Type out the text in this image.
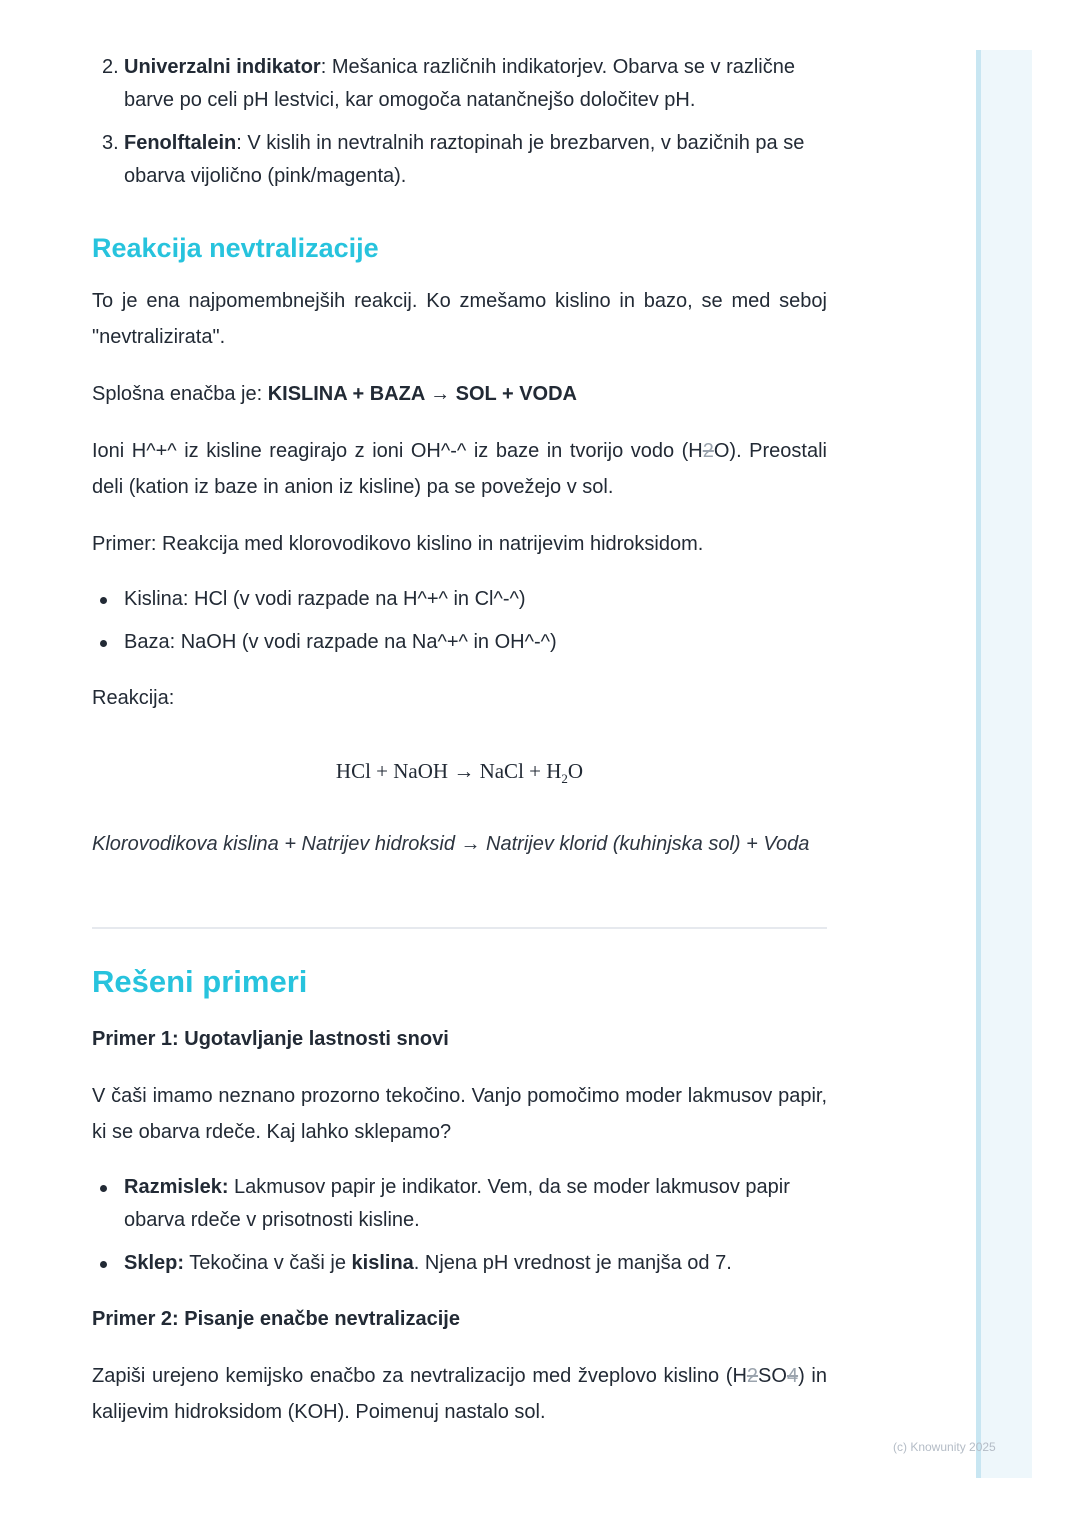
2. Univerzalni indikator: Mešanica različnih indikatorjev. Obarva se v različne barve po celi pH lestvici, kar omogoča natančnejšo določitev pH.
3. Fenolftalein: V kislih in nevtralnih raztopinah je brezbarven, v bazičnih pa se obarva vijolično (pink/magenta).
Reakcija nevtralizacije

To je ena najpomembnejših reakcij. Ko zmešamo kislino in bazo, se med seboj "nevtralizirata".

Splošna enačba je: KISLINA + BAZA → SOL + VODA

Ioni H^+^ iz kisline reagirajo z ioni OH^-^ iz baze in tvorijo vodo (H2O). Preostali deli (kation iz baze in anion iz kisline) pa se povežejo v sol.

Primer: Reakcija med klorovodikovo kislino in natrijevim hidroksidom.

Kislina: HCl (v vodi razpade na H^+^ in Cl^-^)
Baza: NaOH (v vodi razpade na Na^+^ in OH^-^)

Reakcija:

HCl + NaOH → NaCl + $H_2O$

Klorovodikova kislina + Natrijev hidroksid → Natrijev klorid (kuhinjska sol) + Voda

Rešeni primeri
Primer 1: Ugotavljanje lastnosti snovi

V čaši imamo neznano prozorno tekočino. Vanjo pomočimo moder lakmusov papir, ki se obarva rdeče. Kaj lahko sklepamo?

Razmislek: Lakmusov papir je indikator. Vem, da se moder lakmusov papir obarva rdeče v prisotnosti kisline.
Sklep: Tekočina v čaši je kislina. Njena pH vrednost je manjša od 7.
Primer 2: Pisanje enačbe nevtralizacije

Zapiši urejeno kemijsko enačbo za nevtralizacijo med žveplovo kislino (H2SO4) in kalijevim hidroksidom (KOH). Poimenuj nastalo sol.

(c) Knowunity 2025
